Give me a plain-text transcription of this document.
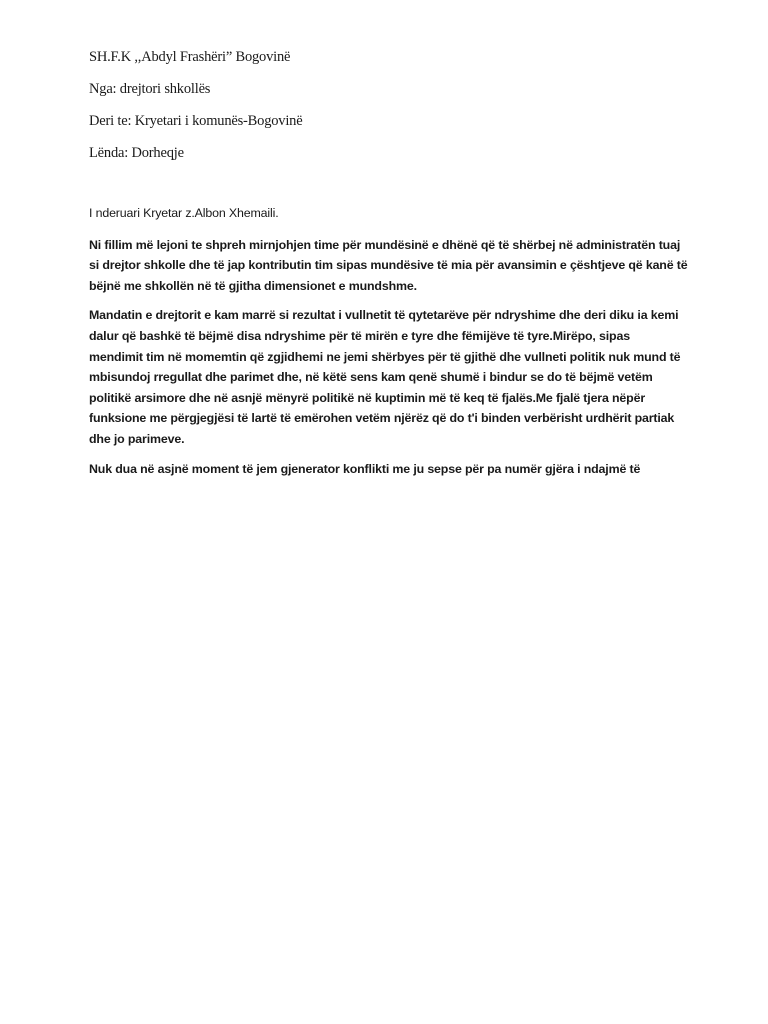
SH.F.K ,,Abdyl Frashëri” Bogovinë
Nga: drejtori shkollës
Deri te: Kryetari i komunës-Bogovinë
Lënda: Dorheqje
I nderuari Kryetar z.Albon Xhemaili.
Ni fillim më lejoni te shpreh mirnjohjen time për mundësinë e dhënë që të shërbej në administratën tuaj
si drejtor shkolle dhe të jap kontributin tim sipas mundësive të mia për avansimin e çështjeve që kanë të
bëjnë me shkollën në të gjitha dimensionet e mundshme.
Mandatin e drejtorit e kam marrë si rezultat i vullnetit të qytetarëve për ndryshime dhe deri diku ia kemi
dalur që bashkë të bëjmë disa ndryshime për të mirën e tyre dhe fëmijëve të tyre.Mirëpo, sipas
mendimit tim në momemtin që zgjidhemi ne jemi shërbyes për të gjithë dhe vullneti politik nuk mund të
mbisundoj rregullat dhe parimet dhe, në këtë sens kam qenë shumë i bindur se do të bëjmë vetëm
politikë arsimore dhe në asnjë mënyrë politikë në kuptimin më të keq të fjalës.Me fjalë tjera nëpër
funksione me përgjegjësi të lartë të emërohen vetëm njërëz që do t'i binden verbërisht urdhërit partiak
dhe jo parimeve.
Nuk dua në asjnë moment të jem gjenerator konflikti me ju sepse për pa numër gjëra i ndajmë të
